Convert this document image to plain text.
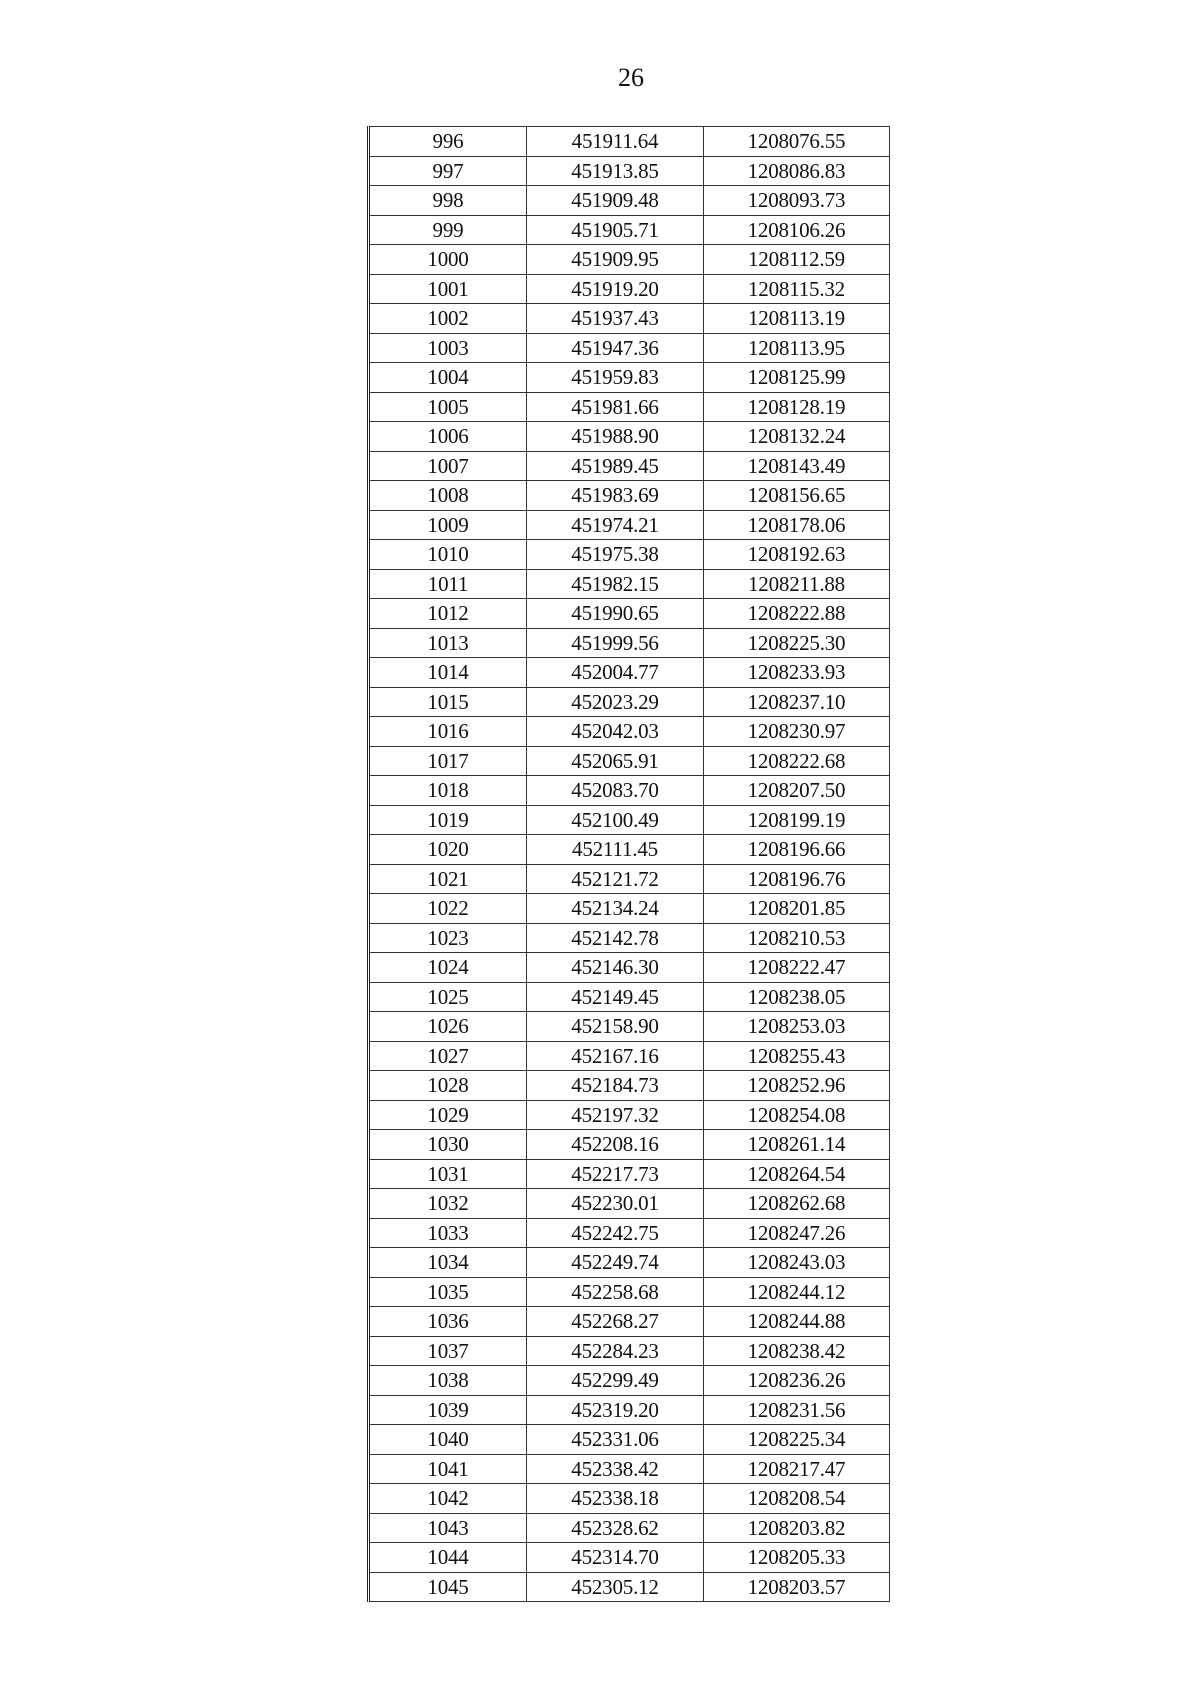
26
996	451911.64	1208076.55
997	451913.85	1208086.83
998	451909.48	1208093.73
999	451905.71	1208106.26
1000	451909.95	1208112.59
1001	451919.20	1208115.32
1002	451937.43	1208113.19
1003	451947.36	1208113.95
1004	451959.83	1208125.99
1005	451981.66	1208128.19
1006	451988.90	1208132.24
1007	451989.45	1208143.49
1008	451983.69	1208156.65
1009	451974.21	1208178.06
1010	451975.38	1208192.63
1011	451982.15	1208211.88
1012	451990.65	1208222.88
1013	451999.56	1208225.30
1014	452004.77	1208233.93
1015	452023.29	1208237.10
1016	452042.03	1208230.97
1017	452065.91	1208222.68
1018	452083.70	1208207.50
1019	452100.49	1208199.19
1020	452111.45	1208196.66
1021	452121.72	1208196.76
1022	452134.24	1208201.85
1023	452142.78	1208210.53
1024	452146.30	1208222.47
1025	452149.45	1208238.05
1026	452158.90	1208253.03
1027	452167.16	1208255.43
1028	452184.73	1208252.96
1029	452197.32	1208254.08
1030	452208.16	1208261.14
1031	452217.73	1208264.54
1032	452230.01	1208262.68
1033	452242.75	1208247.26
1034	452249.74	1208243.03
1035	452258.68	1208244.12
1036	452268.27	1208244.88
1037	452284.23	1208238.42
1038	452299.49	1208236.26
1039	452319.20	1208231.56
1040	452331.06	1208225.34
1041	452338.42	1208217.47
1042	452338.18	1208208.54
1043	452328.62	1208203.82
1044	452314.70	1208205.33
1045	452305.12	1208203.57
